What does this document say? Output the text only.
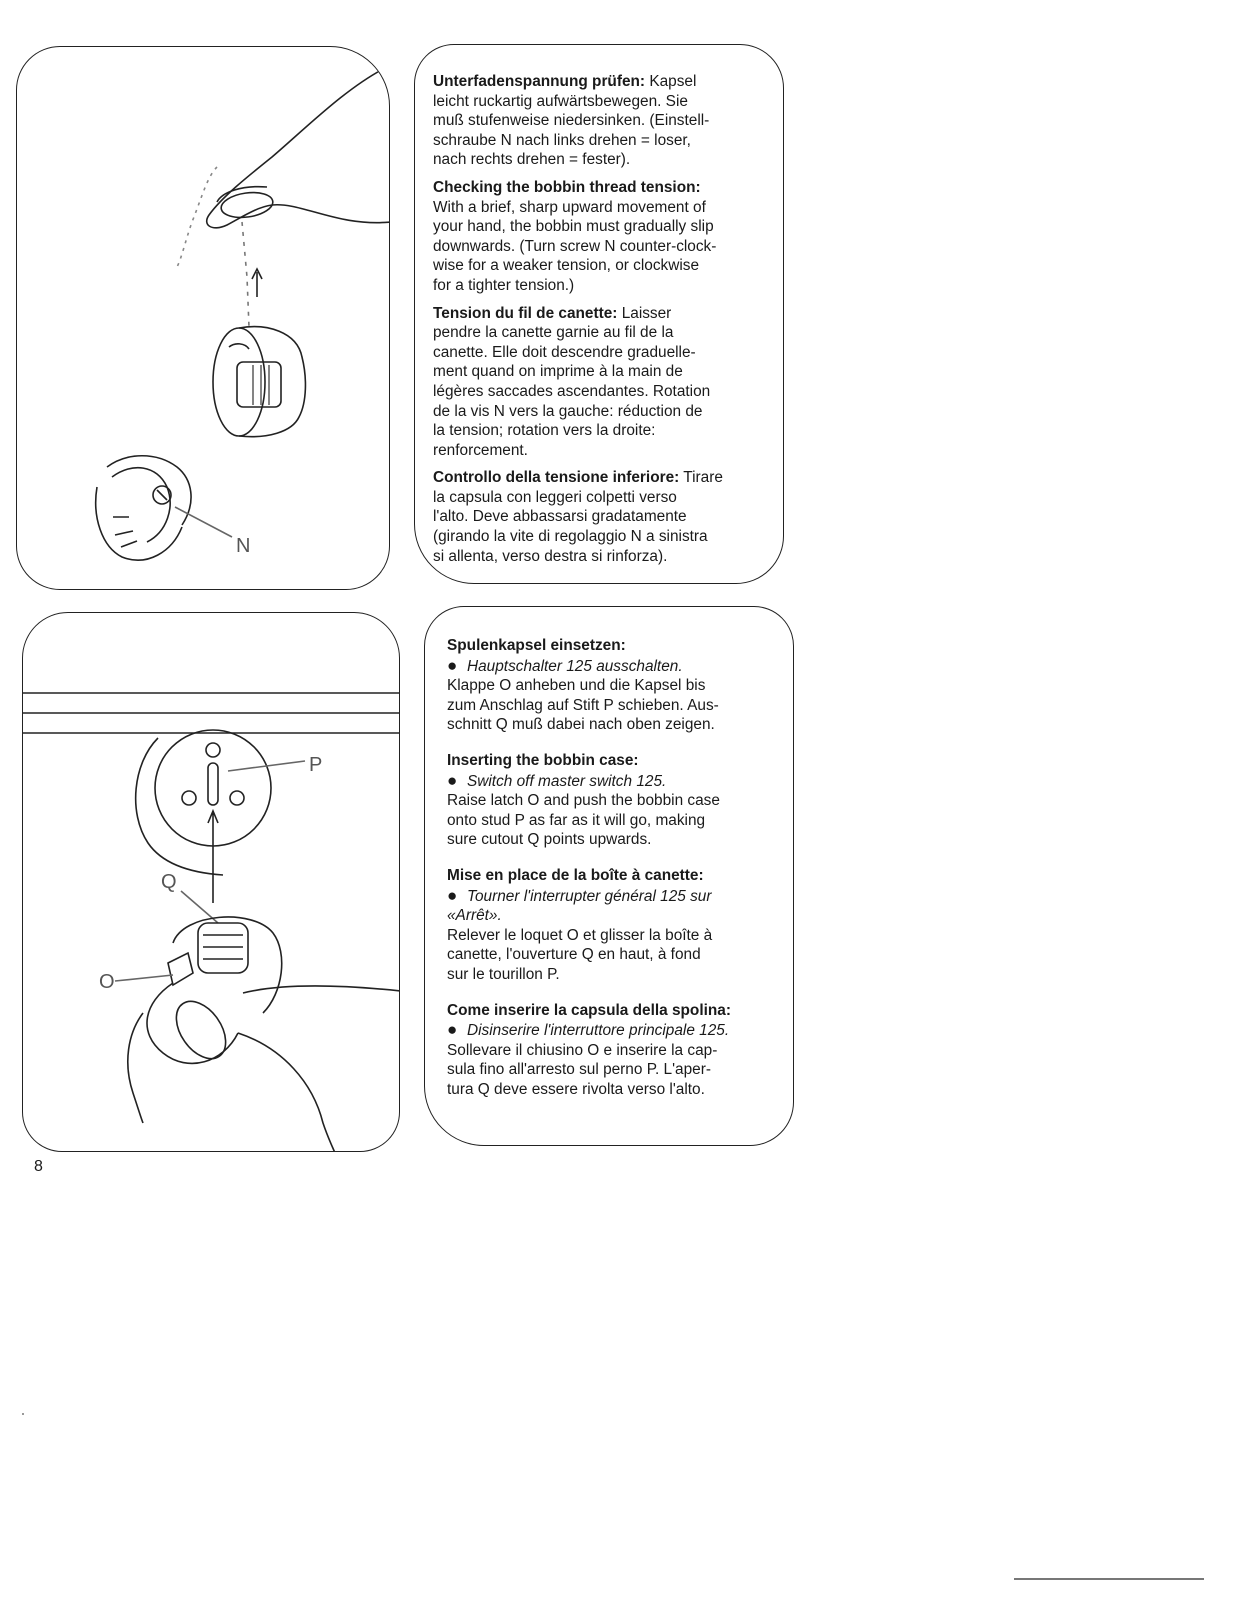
N

Unterfadenspannung prüfen: Kapsel
leicht ruckartig aufwärtsbewegen. Sie
muß stufenweise niedersinken. (Einstell-
schraube N nach links drehen = loser,
nach rechts drehen = fester).

Checking the bobbin thread tension:
With a brief, sharp upward movement of
your hand, the bobbin must gradually slip
downwards. (Turn screw N counter-clock-
wise for a weaker tension, or clockwise
for a tighter tension.)

Tension du fil de canette: Laisser
pendre la canette garnie au fil de la
canette. Elle doit descendre graduelle-
ment quand on imprime à la main de
légères saccades ascendantes. Rotation
de la vis N vers la gauche: réduction de
la tension; rotation vers la droite:
renforcement.

Controllo della tensione inferiore: Tirare
la capsula con leggeri colpetti verso
l'alto. Deve abbassarsi gradatamente
(girando la vite di regolaggio N a sinistra
si allenta, verso destra si rinforza).

P
Q
O
Spulenkapsel einsetzen:
● Hauptschalter 125 ausschalten.
Klappe O anheben und die Kapsel bis
zum Anschlag auf Stift P schieben. Aus-
schnitt Q muß dabei nach oben zeigen.
Inserting the bobbin case:
● Switch off master switch 125.
Raise latch O and push the bobbin case
onto stud P as far as it will go, making
sure cutout Q points upwards.
Mise en place de la boîte à canette:
● Tourner l'interrupter général 125 sur
«Arrêt».
Relever le loquet O et glisser la boîte à
canette, l'ouverture Q en haut, à fond
sur le tourillon P.
Come inserire la capsula della spolina:
● Disinserire l'interruttore principale 125.
Sollevare il chiusino O e inserire la cap-
sula fino all'arresto sul perno P. L'aper-
tura Q deve essere rivolta verso l'alto.
8
